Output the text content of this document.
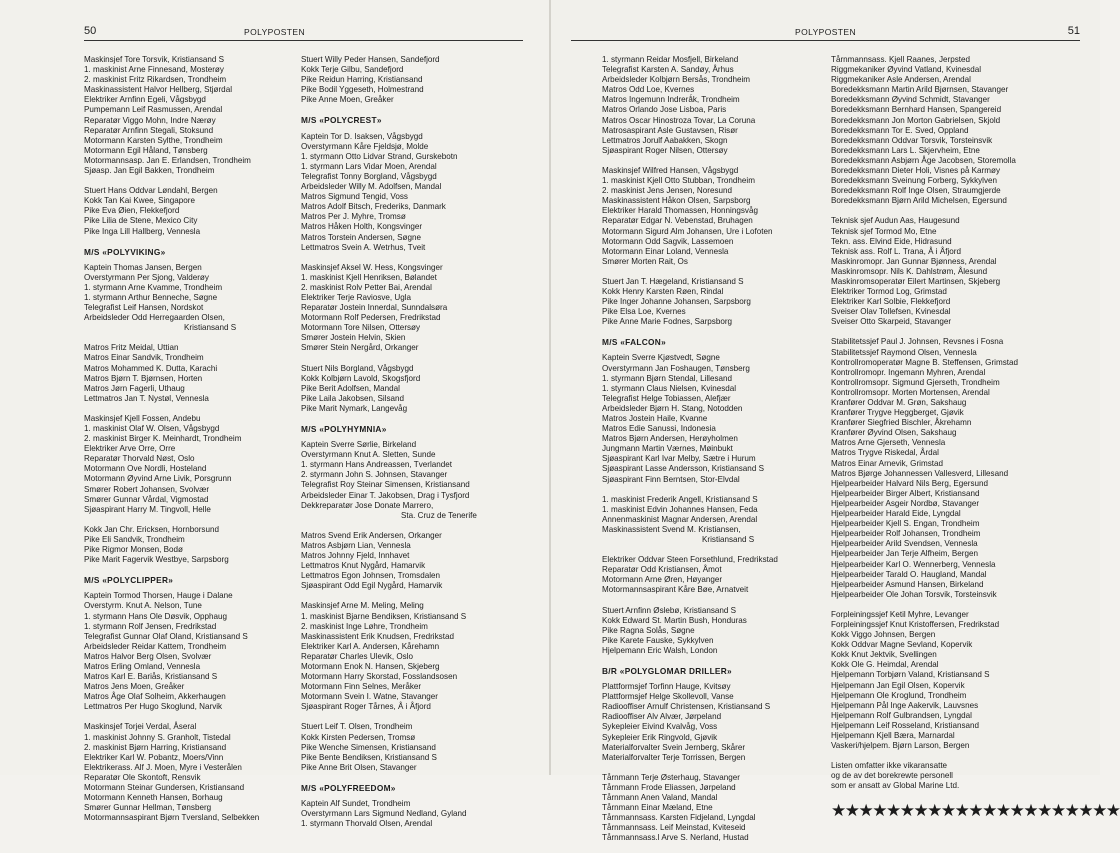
50	POLYPOSTEN
Maskinsjef Tore Torsvik, Kristiansand S
1. maskinist Arne Finnesand, Mosterøy
2. maskinist Fritz Rikardsen, Trondheim
Maskinassistent Halvor Hellberg, Stjørdal
Elektriker Arnfinn Egeli, Vågsbygd
Pumpemann Leif Rasmussen, Arendal
Reparatør Viggo Mohn, Indre Nærøy
Reparatør Arnfinn Stegali, Stoksund
Motormann Karsten Sylthe, Trondheim
Motormann Egil Håland, Tønsberg
Motormannsasp. Jan E. Erlandsen, Trondheim
Sjøasp. Jan Egil Bakken, Trondheim
Stuert Hans Oddvar Løndahl, Bergen
Kokk Tan Kai Kwee, Singapore
Pike Eva Øien, Flekkefjord
Pike Lilia de Stene, Mexico City
Pike Inga Lill Hallberg, Vennesla
M/S «POLYVIKING»
Kaptein Thomas Jansen, Bergen
Overstyrmann Per Sjong, Valderøy
1. styrmann Arne Kvamme, Trondheim
1. styrmann Arthur Benneche, Søgne
Telegrafist Leif Hansen, Nordskot
Arbeidsleder Odd Herregaarden Olsen,
Kristiansand S
Matros Fritz Meidal, Uttian
Matros Einar Sandvik, Trondheim
Matros Mohammed K. Dutta, Karachi
Matros Bjørn T. Bjørnsen, Horten
Matros Jørn Fagerli, Uthaug
Lettmatros Jan T. Nystøl, Vennesla
Maskinsjef Kjell Fossen, Andebu
1. maskinist Olaf W. Olsen, Vågsbygd
2. maskinist Birger K. Meinhardt, Trondheim
Elektriker Arve Orre, Orre
Reparatør Thorvald Nøst, Oslo
Motormann Ove Nordli, Hosteland
Motormann Øyvind Arne Livik, Porsgrunn
Smører Robert Johansen, Svolvær
Smører Gunnar Vårdal, Vigmostad
Sjøaspirant Harry M. Tingvoll, Helle
Kokk Jan Chr. Ericksen, Hornborsund
Pike Eli Sandvik, Trondheim
Pike Rigmor Monsen, Bodø
Pike Marit Fagervik Westbye, Sarpsborg
M/S «POLYCLIPPER»
Kaptein Tormod Thorsen, Hauge i Dalane
Overstyrm. Knut A. Nelson, Tune
1. styrmann Hans Ole Døsvik, Opphaug
1. styrmann Rolf Jensen, Fredrikstad
Telegrafist Gunnar Olaf Oland, Kristiansand S
Arbeidsleder Reidar Kattem, Trondheim
Matros Halvor Berg Olsen, Svolvær
Matros Erling Omland, Vennesla
Matros Karl E. Bariås, Kristiansand S
Matros Jens Moen, Greåker
Matros Åge Olaf Solheim, Akkerhaugen
Lettmatros Per Hugo Skoglund, Narvik
Maskinsjef Torjei Verdal, Åseral
1. maskinist Johnny S. Granholt, Tistedal
2. maskinist Bjørn Harring, Kristiansand
Elektriker Karl W. Pobantz, Moers/Vinn
Elektrikerass. Alf J. Moen, Myre i Vesterålen
Reparatør Ole Skontoft, Rensvik
Motormann Steinar Gundersen, Kristiansand
Motormann Kenneth Hansen, Borhaug
Smører Gunnar Hellman, Tønsberg
Motormannsaspirant Bjørn Tversland, Selbekken
Stuert Willy Peder Hansen, Sandefjord
Kokk Terje Gilbu, Sandefjord
Pike Reidun Harring, Kristiansand
Pike Bodil Yggeseth, Holmestrand
Pike Anne Moen, Greåker
M/S «POLYCREST»
Kaptein Tor D. Isaksen, Vågsbygd
Overstyrmann Kåre Fjeldsjø, Molde
1. styrmann Otto Lidvar Strand, Gurskebotn
1. styrmann Lars Vidar Moen, Arendal
Telegrafist Tonny Borgland, Vågsbygd
Arbeidsleder Willy M. Adolfsen, Mandal
Matros Sigmund Tengid, Voss
Matros Adolf Bitsch, Frederiks, Danmark
Matros Per J. Myhre, Tromsø
Matros Håken Holth, Kongsvinger
Matros Torstein Andersen, Søgne
Lettmatros Svein A. Wetrhus, Tveit
Maskinsjef Aksel W. Hess, Kongsvinger
1. maskinist Kjell Henriksen, Bølandet
2. maskinist Rolv Petter Bai, Arendal
Elektriker Terje Raviosve, Ugla
Reparatør Jostein Innerdal, Sunndalsøra
Motormann Rolf Pedersen, Fredrikstad
Motormann Tore Nilsen, Ottersøy
Smører Jostein Helvin, Skien
Smører Stein Nergård, Orkanger
Stuert Nils Borgland, Vågsbygd
Kokk Kolbjørn Lavold, Skogsfjord
Pike Berit Adolfsen, Mandal
Pike Laila Jakobsen, Silsand
Pike Marit Nymark, Langevåg
M/S «POLYHYMNIA»
Kaptein Sverre Sørlie, Birkeland
Overstyrmann Knut A. Sletten, Sunde
1. styrmann Hans Andreassen, Tverlandet
2. styrmann John S. Johnsen, Stavanger
Telegrafist Roy Steinar Simensen, Kristiansand
Arbeidsleder Einar T. Jakobsen, Drag i Tysfjord
Dekkreparatør Jose Donate Marrero,
Sta. Cruz de Tenerife
Matros Svend Erik Andersen, Orkanger
Matros Asbjørn Lian, Vennesla
Matros Johnny Fjeld, Innhavet
Lettmatros Knut Nygård, Hamarvik
Lettmatros Egon Johnsen, Tromsdalen
Sjøaspirant Odd Egil Nygård, Hamarvik
Maskinsjef Arne M. Meling, Meling
1. maskinist Bjarne Bendiksen, Kristiansand S
2. maskinist Inge Løhre, Trondheim
Maskinassistent Erik Knudsen, Fredrikstad
Elektriker Karl A. Andersen, Kårehamn
Reparatør Charles Ulevik, Oslo
Motormann Enok N. Hansen, Skjeberg
Motormann Harry Skorstad, Fosslandsosen
Motormann Finn Selnes, Meråker
Motormann Svein I. Watne, Stavanger
Sjøaspirant Roger Tårnes, Å i Åfjord
Stuert Leif T. Olsen, Trondheim
Kokk Kirsten Pedersen, Tromsø
Pike Wenche Simensen, Kristiansand
Pike Bente Bendiksen, Kristiansand S
Pike Anne Brit Olsen, Stavanger
M/S «POLYFREEDOM»
Kaptein Alf Sundet, Trondheim
Overstyrmann Lars Sigmund Nedland, Gyland
1. styrmann Thorvald Olsen, Arendal
POLYPOSTEN	51
1. styrmann Reidar Mosfjell, Birkeland
Telegrafist Karsten A. Sandøy, Århus
Arbeidsleder Kolbjørn Bersås, Trondheim
Matros Odd Loe, Kvernes
Matros Ingemunn Indrerǻk, Trondheim
Matros Orlando Jose Lisboa, Paris
Matros Oscar Hinostroza Tovar, La Coruna
Matrosaspirant Asle Gustavsen, Risør
Lettmatros Jorulf Aabakken, Skogn
Sjøaspirant Roger Nilsen, Ottersøy
Maskinsjef Wilfred Hansen, Vågsbygd
1. maskinist Kjell Otto Stubban, Trondheim
2. maskinist Jens Jensen, Noresund
Maskinassistent Håkon Olsen, Sarpsborg
Elektriker Harald Thomassen, Honningsvåg
Reparatør Edgar N. Vebenstad, Bruhagen
Motormann Sigurd Alm Johansen, Ure i Lofoten
Motormann Odd Sagvik, Lassemoen
Motormann Einar Loland, Vennesla
Smører Morten Rait, Os
Stuert Jan T. Hægeland, Kristiansand S
Kokk Henry Karsten Røen, Rindal
Pike Inger Johanne Johansen, Sarpsborg
Pike Elsa Loe, Kvernes
Pike Anne Marie Fodnes, Sarpsborg
M/S «FALCON»
Kaptein Sverre Kjøstvedt, Søgne
Overstyrmann Jan Foshaugen, Tønsberg
1. styrmann Bjørn Stendal, Lillesand
1. styrmann Claus Nielsen, Kvinesdal
Telegrafist Helge Tobiassen, Alefjær
Arbeidsleder Bjørn H. Stang, Notodden
Matros Jostein Haile, Kvanne
Matros Edie Sanussi, Indonesia
Matros Bjørn Andersen, Herøyholmen
Jungmann Martin Værnes, Møinbukt
Sjøaspirant Karl Ivar Melby, Sætre i Hurum
Sjøaspirant Lasse Andersson, Kristiansand S
Sjøaspirant Finn Berntsen, Stor-Elvdal
1. maskinist Frederik Angell, Kristiansand S
1. maskinist Edvin Johannes Hansen, Feda
Annenmaskinist Magnar Andersen, Arendal
Maskinassistent Svend M. Kristiansen,
Kristiansand S
Elektriker Oddvar Steen Forsethlund, Fredrikstad
Reparatør Odd Kristiansen, Åmot
Motormann Arne Øren, Høyanger
Motormannsaspirant Kåre Bøe, Arnatveit
Stuert Arnfinn Øslebø, Kristiansand S
Kokk Edward St. Martin Bush, Honduras
Pike Ragna Solås, Søgne
Pike Karete Fauske, Sykkylven
Hjelpemann Eric Walsh, London
B/R «POLYGLOMAR DRILLER»
Plattformsjef Torfinn Hauge, Kvitsøy
Plattformsjef Helge Skollevoll, Vanse
Radiooffiser Arnulf Christensen, Kristiansand S
Radiooffiser Alv Alvær, Jørpeland
Sykepleier Eivind Kvalvåg, Voss
Sykepleier Erik Ringvold, Gjøvik
Materialforvalter Svein Jernberg, Skårer
Materialforvalter Terje Torrissen, Bergen
Tårnmann Terje Østerhaug, Stavanger
Tårnmann Frode Eliassen, Jørpeland
Tårnmann Anen Valand, Mandal
Tårnmann Einar Mæland, Etne
Tårnmannsass. Karsten Fidjeland, Lyngdal
Tårnmannsass. Leif Meinstad, Kviteseid
Tårnmannsass.l Arve S. Nerland, Hustad
Tårnmannsass. Kjell Raanes, Jerpsted
Riggmekaniker Øyvind Vatland, Kvinesdal
Riggmekaniker Asle Andersen, Arendal
Boredekksmann Martin Arild Bjørnsen, Stavanger
Boredekksmann Øyvind Schmidt, Stavanger
Boredekksmann Bernhard Hansen, Spangereid
Boredekksmann Jon Morton Gabrielsen, Skjold
Boredekksmann Tor E. Sved, Oppland
Boredekksmann Oddvar Torsvik, Torsteinsvik
Boredekksmann Lars L. Skjervheim, Etne
Boredekksmann Asbjørn Åge Jacobsen, Storemolla
Boredekksmann Dieter Holi, Visnes på Karmøy
Boredekksmann Sveinung Forberg, Sykkylven
Boredekksmann Rolf Inge Olsen, Straumgjerde
Boredekksmann Bjørn Arild Michelsen, Egersund
Teknisk sjef Audun Aas, Haugesund
Teknisk sjef Tormod Mo, Etne
Tekn. ass. Elvind Eide, Hidrasund
Teknisk ass. Rolf L. Trana, Å i Åfjord
Maskinromopr. Jan Gunnar Bjønness, Arendal
Maskinromsopr. Nils K. Dahlstrøm, Ålesund
Maskinromsoperatør Eilert Martinsen, Skjeberg
Elektriker Tormod Log, Grimstad
Elektriker Karl Solbie, Flekkefjord
Sveiser Olav Tollefsen, Kvinesdal
Sveiser Otto Skarpeid, Stavanger
Stabilitetssjef Paul J. Johnsen, Revsnes i Fosna
Stabilitetssjef Raymond Olsen, Vennesla
Kontrollromoperatør Magne B. Steffensen, Grimstad
Kontrollromopr. Ingemann Myhren, Arendal
Kontrollromsopr. Sigmund Gjerseth, Trondheim
Kontrollromsopr. Morten Mortensen, Arendal
Kranfører Oddvar M. Grøn, Sakshaug
Kranfører Trygve Heggberget, Gjøvik
Kranfører Siegfried Bischler, Åkrehamn
Kranfører Øyvind Olsen, Sakshaug
Matros Arne Gjerseth, Vennesla
Matros Trygve Riskedal, Årdal
Matros Einar Arnevik, Grimstad
Matros Bjørge Johannessen Vallesverd, Lillesand
Hjelpearbeider Halvard Nils Berg, Egersund
Hjelpearbeider Birger Albert, Kristiansand
Hjelpearbeider Asgeir Nordbø, Stavanger
Hjelpearbeider Harald Eide, Lyngdal
Hjelpearbeider Kjell S. Engan, Trondheim
Hjelpearbeider Rolf Johansen, Trondheim
Hjelpearbeider Arild Svendsen, Vennesla
Hjelpearbeider Jan Terje Alfheim, Bergen
Hjelpearbeider Karl O. Wennerberg, Vennesla
Hjelpearbeider Tarald O. Haugland, Mandal
Hjelpearbeider Asmund Hansen, Birkeland
Hjelpearbeider Ole Johan Torsvik, Torsteinsvik
Forpleiningssjef Ketil Myhre, Levanger
Forpleiningssjef Knut Kristoffersen, Fredrikstad
Kokk Viggo Johnsen, Bergen
Kokk Oddvar Magne Sevland, Kopervik
Kokk Knut Jektvik, Svellingen
Kokk Ole G. Heimdal, Arendal
Hjelpemann Torbjørn Valand, Kristiansand S
Hjelpemann Jan Egil Olsen, Kopervik
Hjelpemann Ole Kroglund, Trondheim
Hjelpemann Pål Inge Aakervik, Lauvsnes
Hjelpemann Rolf Gulbrandsen, Lyngdal
Hjelpemann Leif Rosseland, Kristiansand
Hjelpemann Kjell Bæra, Marnardal
Vaskeri/hjelpem. Bjørn Larson, Bergen
Listen omfatter ikke vikaransatte
og de av det borekrewte personell
som er ansatt av Global Marine Ltd.
★★★★★★★★★★★★★★★★★★★★★
